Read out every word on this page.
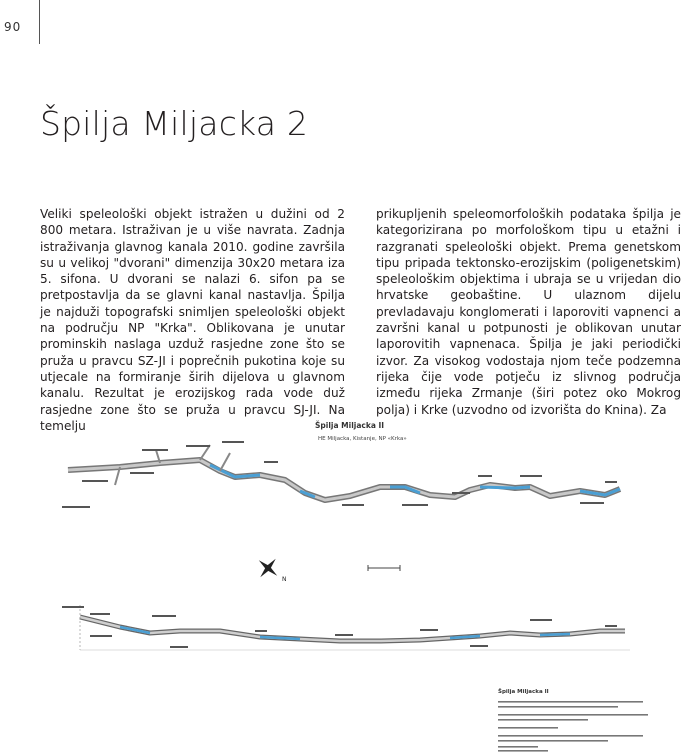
90
Špilja Miljacka 2

Veliki speleološki objekt istražen u dužini od 2 800 metara. Istraživan je u više navrata. Zadnja istraživanja glavnog kanala 2010. godine završila su u velikoj "dvorani" dimenzija 30x20 metara iza 5. sifona. U dvorani se nalazi 6. sifon pa se pretpostavlja da se glavni kanal nastavlja. Špilja je najduži topografski snimljen speleološki objekt na području NP "Krka". Oblikovana je unutar prominskih naslaga uzduž rasjedne zone što se pruža u pravcu SZ-JI i poprečnih pukotina koje su utjecale na formiranje širih dijelova u glavnom kanalu. Rezultat je erozijskog rada vode duž rasjedne zone što se pruža u pravcu SJ-JI. Na temelju

prikupljenih speleomorfoloških podataka špilja je kategorizirana po morfološkom tipu u etažni i razgranati speleološki objekt. Prema genetskom tipu pripada tektonsko-erozijskim (poligenetskim) speleološkim objektima i ubraja se u vrijedan dio hrvatske geobaštine. U ulaznom dijelu prevladavaju konglomerati i laporoviti vapnenci a završni kanal u potpunosti je oblikovan unutar laporovitih vapnenaca. Špilja je jaki periodički izvor. Za visokog vodostaja njom teče podzemna rijeka čije vode potječu iz slivnog područja između rijeka Zrmanje (širi potez oko Mokrog polja) i Krke (uzvodno od izvorišta do Knina). Za

Špilja Miljacka II
HE Miljacka, Kistanje, NP «Krka»
N
Špilja Miljacka II
